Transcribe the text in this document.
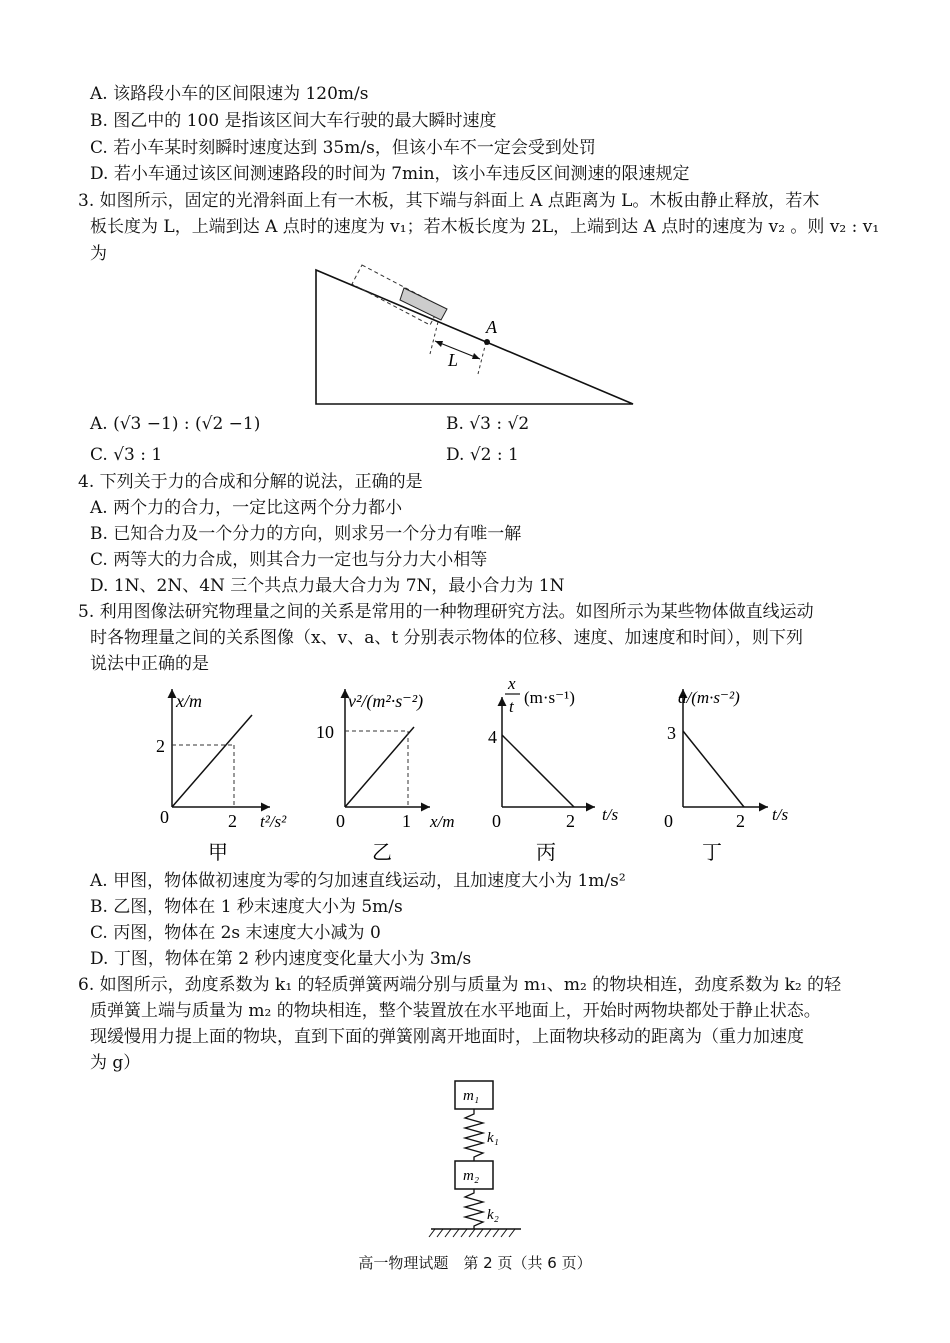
A. 该路段小车的区间限速为 120m/s
B. 图乙中的 100 是指该区间大车行驶的最大瞬时速度
C. 若小车某时刻瞬时速度达到 35m/s，但该小车不一定会受到处罚
D. 若小车通过该区间测速路段的时间为 7min，该小车违反区间测速的限速规定
3. 如图所示，固定的光滑斜面上有一木板，其下端与斜面上 A 点距离为 L。木板由静止释放，若木
板长度为 L，上端到达 A 点时的速度为 v₁；若木板长度为 2L，上端到达 A 点时的速度为 v₂ 。则 v₂ : v₁
为
A
L
A. (√3 −1) : (√2 −1)	B. √3 : √2
C. √3 : 1	D. √2 : 1
4. 下列关于力的合成和分解的说法，正确的是
A. 两个力的合力，一定比这两个分力都小
B. 已知合力及一个分力的方向，则求另一个分力有唯一解
C. 两等大的力合成，则其合力一定也与分力大小相等
D. 1N、2N、4N 三个共点力最大合力为 7N，最小合力为 1N
5. 利用图像法研究物理量之间的关系是常用的一种物理研究方法。如图所示为某些物体做直线运动
时各物理量之间的关系图像（x、v、a、t 分别表示物体的位移、速度、加速度和时间），则下列
说法中正确的是
x/m
t²/s²
2
2
0
甲
v²/(m²·s⁻²)
x/m
10
1
0
乙
x
t (m·s⁻¹)
t/s
4
2
0
丙
a/(m·s⁻²)
t/s
3
2
0
丁
A. 甲图，物体做初速度为零的匀加速直线运动，且加速度大小为 1m/s²
B. 乙图，物体在 1 秒末速度大小为 5m/s
C. 丙图，物体在 2s 末速度大小减为 0
D. 丁图，物体在第 2 秒内速度变化量大小为 3m/s
6. 如图所示，劲度系数为 k₁ 的轻质弹簧两端分别与质量为 m₁、m₂ 的物块相连，劲度系数为 k₂ 的轻
质弹簧上端与质量为 m₂ 的物块相连，整个装置放在水平地面上，开始时两物块都处于静止状态。
现缓慢用力提上面的物块，直到下面的弹簧刚离开地面时，上面物块移动的距离为（重力加速度
为 g）
m₁
k₁
m₂
k₂
高一物理试题　第 2 页（共 6 页）
